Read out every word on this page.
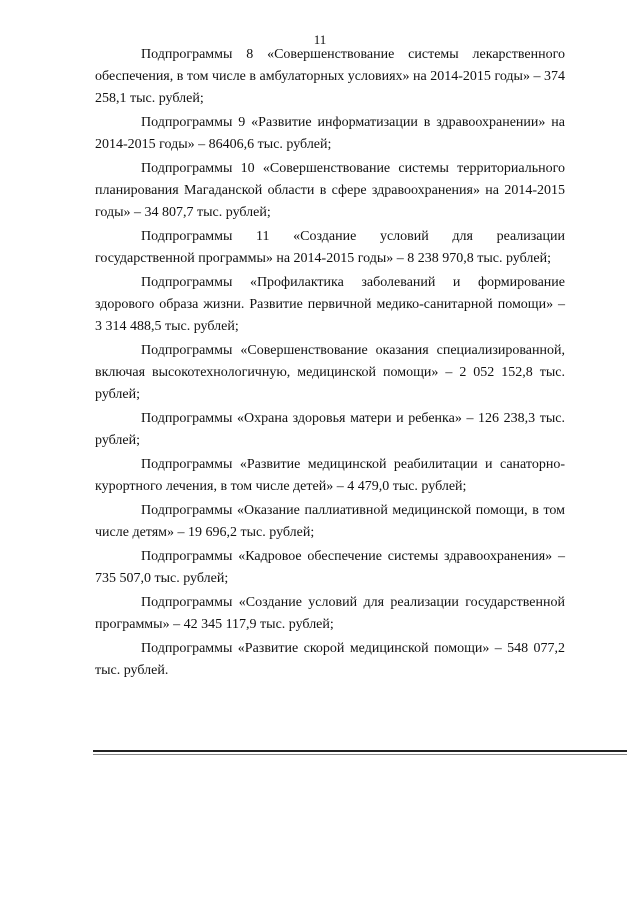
11

Подпрограммы 8 «Совершенствование системы лекарственного обеспечения, в том числе в амбулаторных условиях» на 2014-2015 годы» – 374 258,1 тыс. рублей;

Подпрограммы 9 «Развитие информатизации в здравоохранении» на 2014-2015 годы» – 86406,6 тыс. рублей;

Подпрограммы 10 «Совершенствование системы территориального планирования Магаданской области в сфере здравоохранения» на 2014-2015 годы» – 34 807,7 тыс. рублей;

Подпрограммы 11 «Создание условий для реализации государственной программы» на 2014-2015 годы» – 8 238 970,8 тыс. рублей;

Подпрограммы «Профилактика заболеваний и формирование здорового образа жизни. Развитие первичной медико-санитарной помощи» – 3 314 488,5 тыс. рублей;

Подпрограммы «Совершенствование оказания специализированной, включая высокотехнологичную, медицинской помощи» – 2 052 152,8 тыс. рублей;

Подпрограммы «Охрана здоровья матери и ребенка» – 126 238,3 тыс. рублей;

Подпрограммы «Развитие медицинской реабилитации и санаторно-курортного лечения, в том числе детей» – 4 479,0 тыс. рублей;

Подпрограммы «Оказание паллиативной медицинской помощи, в том числе детям» – 19 696,2 тыс. рублей;

Подпрограммы «Кадровое обеспечение системы здравоохранения» – 735 507,0 тыс. рублей;

Подпрограммы «Создание условий для реализации государственной программы» – 42 345 117,9 тыс. рублей;

Подпрограммы «Развитие скорой медицинской помощи» – 548 077,2 тыс. рублей.
